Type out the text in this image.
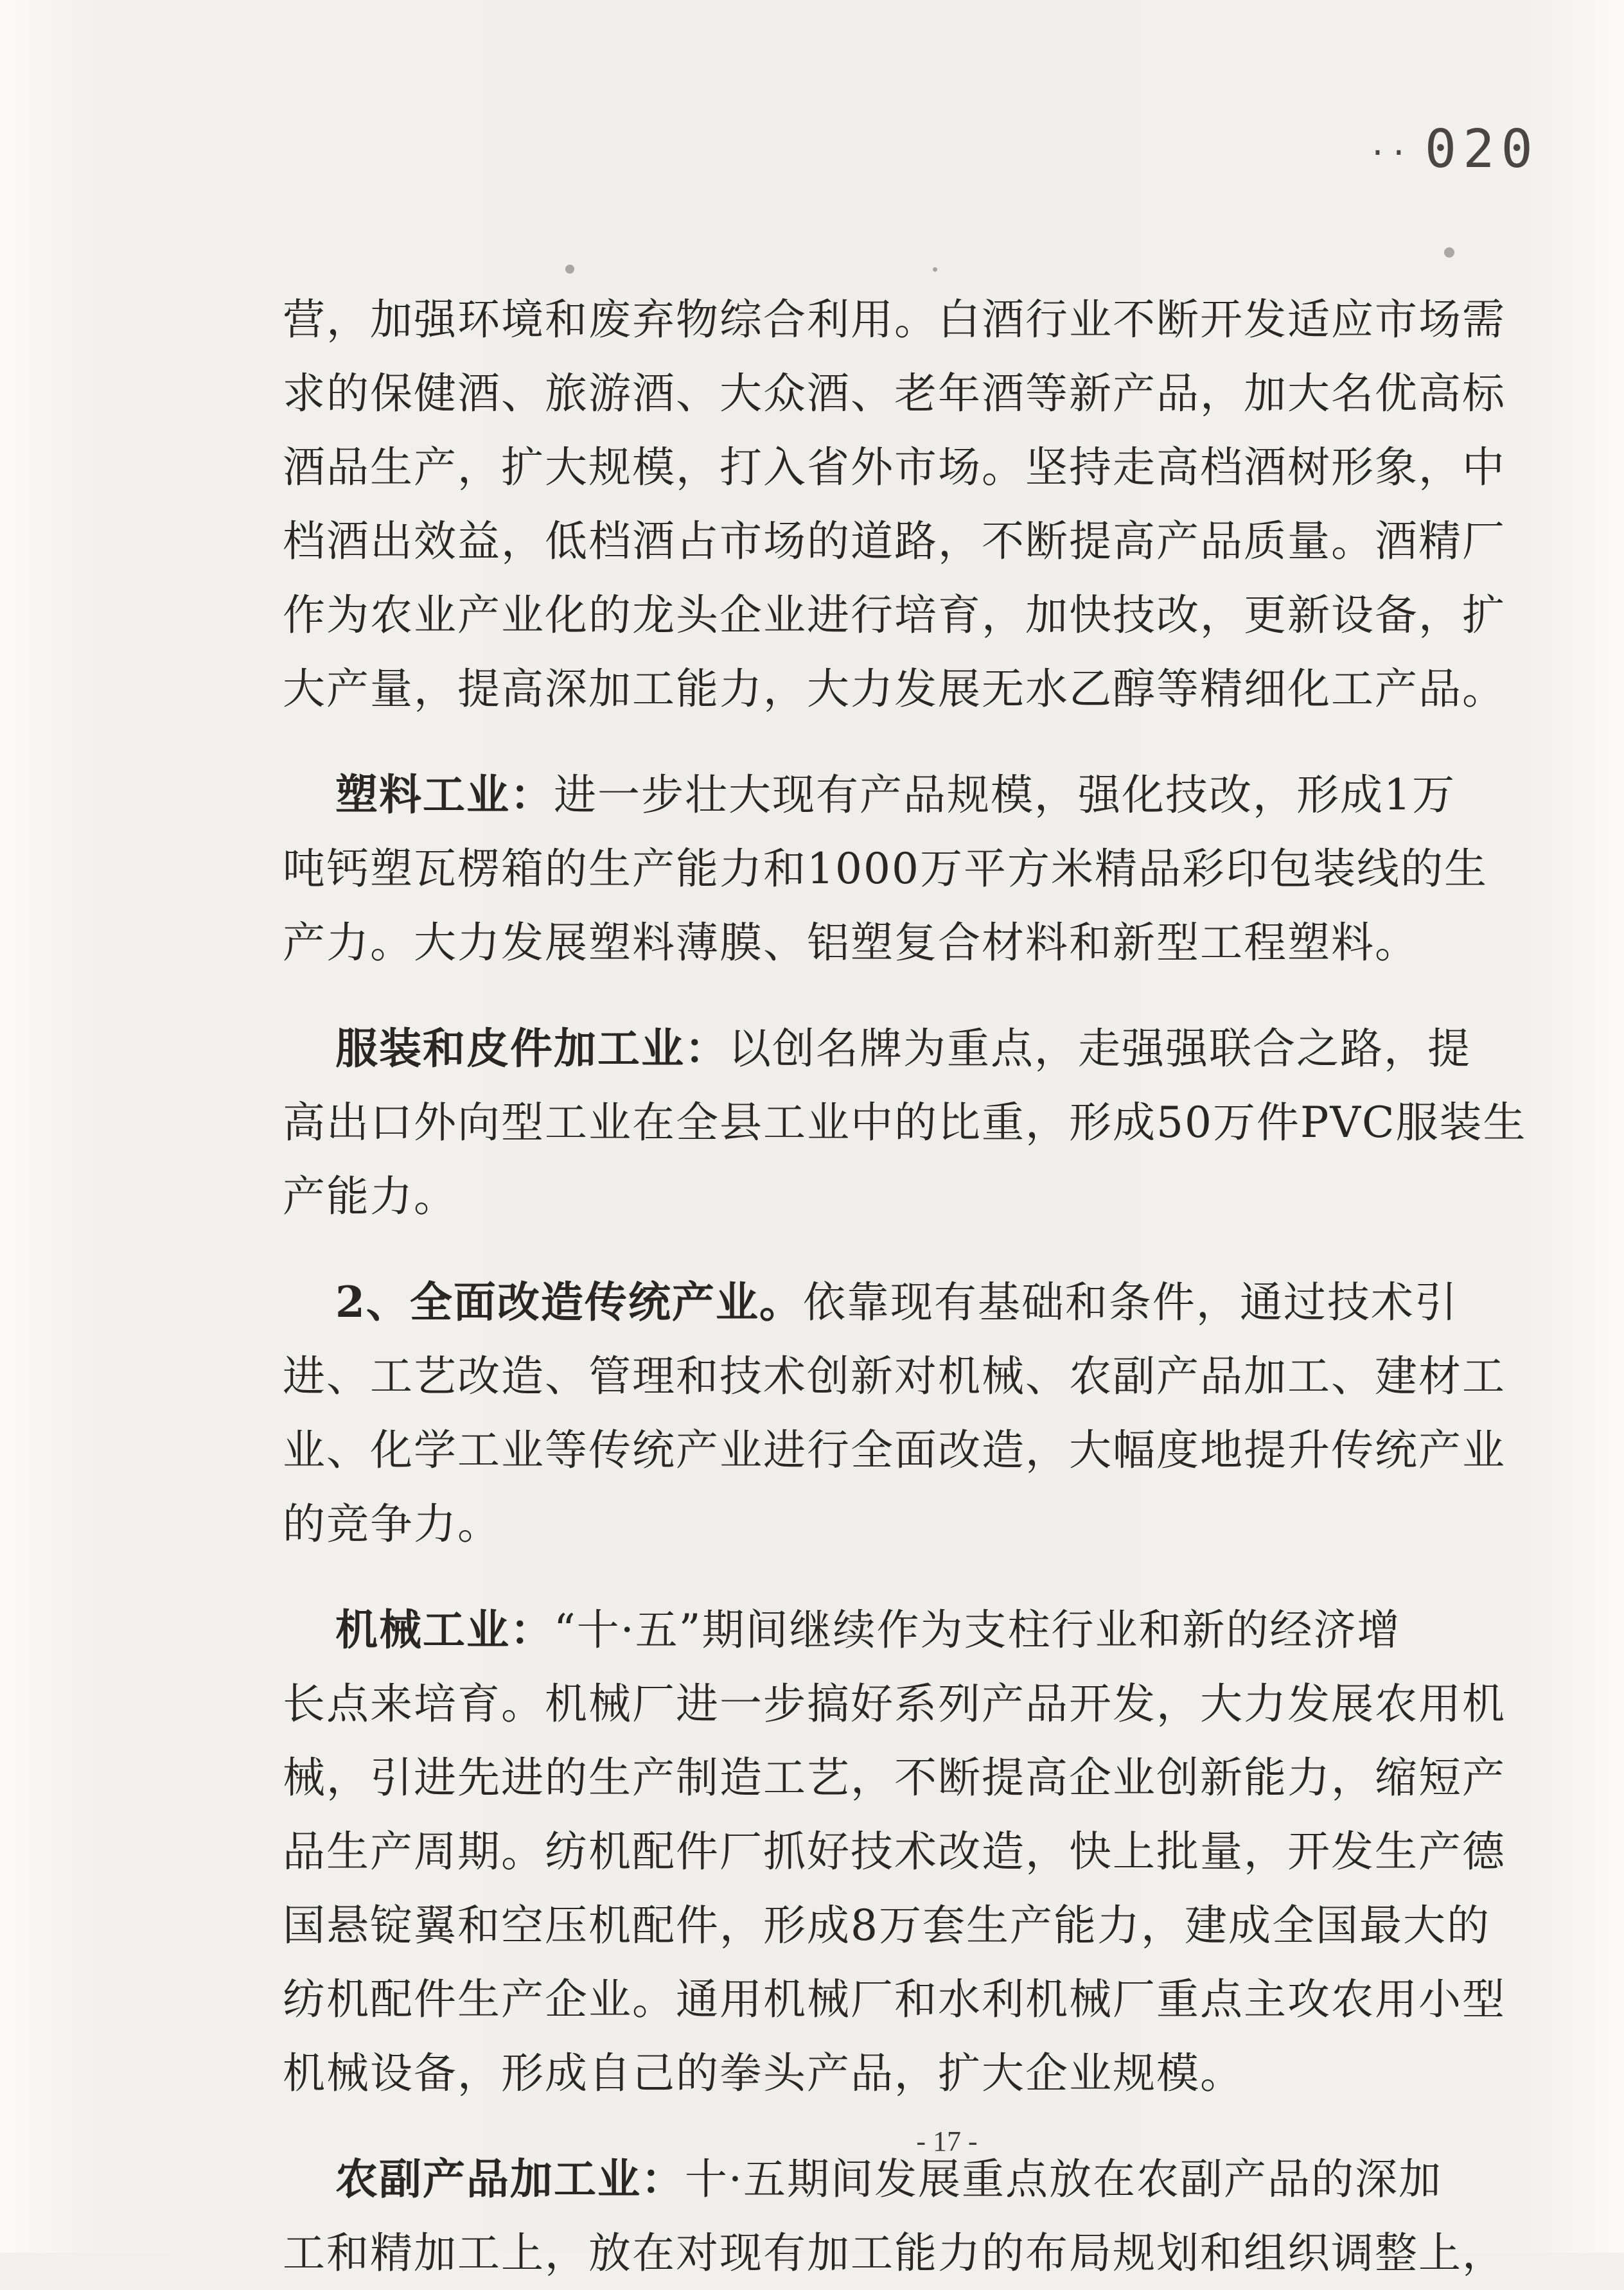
·· 020
营，加强环境和废弃物综合利用。白酒行业不断开发适应市场需
求的保健酒、旅游酒、大众酒、老年酒等新产品，加大名优高标
酒品生产，扩大规模，打入省外市场。坚持走高档酒树形象，中
档酒出效益，低档酒占市场的道路，不断提高产品质量。酒精厂
作为农业产业化的龙头企业进行培育，加快技改，更新设备，扩
大产量，提高深加工能力，大力发展无水乙醇等精细化工产品。
塑料工业：进一步壮大现有产品规模，强化技改，形成1万
吨钙塑瓦楞箱的生产能力和1000万平方米精品彩印包装线的生
产力。大力发展塑料薄膜、铝塑复合材料和新型工程塑料。
服装和皮件加工业：以创名牌为重点，走强强联合之路，提
高出口外向型工业在全县工业中的比重，形成50万件PVC服装生
产能力。
2、全面改造传统产业。依靠现有基础和条件，通过技术引
进、工艺改造、管理和技术创新对机械、农副产品加工、建材工
业、化学工业等传统产业进行全面改造，大幅度地提升传统产业
的竞争力。
机械工业：“十·五”期间继续作为支柱行业和新的经济增
长点来培育。机械厂进一步搞好系列产品开发，大力发展农用机
械，引进先进的生产制造工艺，不断提高企业创新能力，缩短产
品生产周期。纺机配件厂抓好技术改造，快上批量，开发生产德
国悬锭翼和空压机配件，形成8万套生产能力，建成全国最大的
纺机配件生产企业。通用机械厂和水利机械厂重点主攻农用小型
机械设备，形成自己的拳头产品，扩大企业规模。
农副产品加工业：十·五期间发展重点放在农副产品的深加
工和精加工上，放在对现有加工能力的布局规划和组织调整上，
- 17 -
